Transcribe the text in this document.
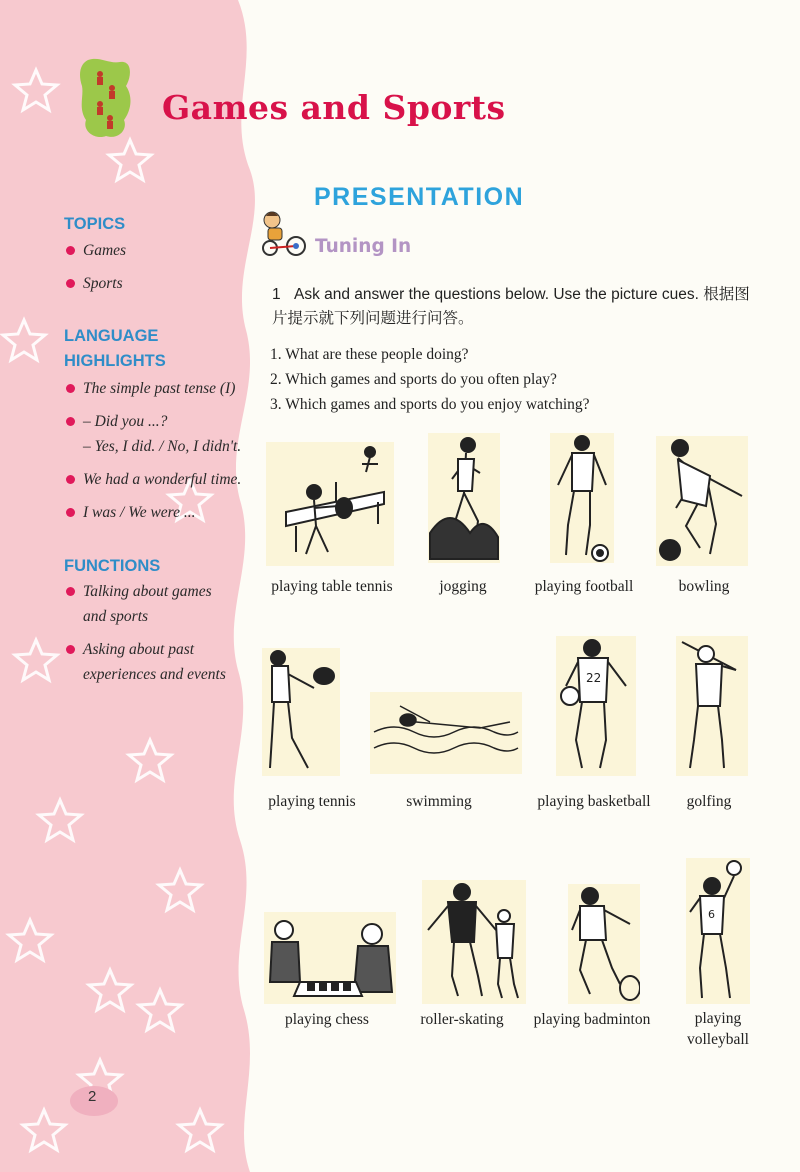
Games and Sports
TOPICS
Games
Sports
LANGUAGE
HIGHLIGHTS
The simple past tense (I)
– Did you ...?
– Yes, I did. / No, I didn't.
We had a wonderful time.
I was / We were ...
FUNCTIONS
Talking about games
and sports
Asking about past
experiences and events
PRESENTATION
Tuning In
1 Ask and answer the questions below. Use the picture cues. 根据图片提示就下列问题进行问答。
1. What are these people doing?
2. Which games and sports do you often play?
3. Which games and sports do you enjoy watching?
playing table tennis	jogging	playing football	bowling
22
playing tennis	swimming	playing basketball	golfing
6
playing chess	roller-skating	playing badminton	playing volleyball
2
